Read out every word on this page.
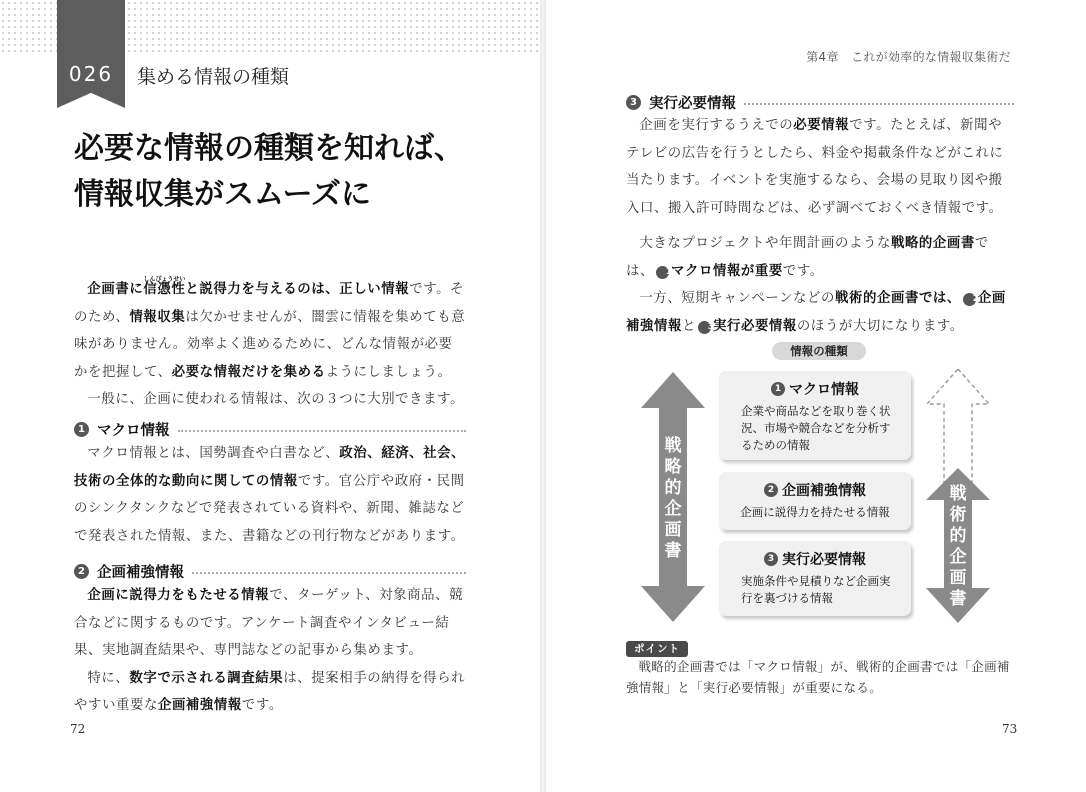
026	集める情報の種類
必要な情報の種類を知れば、
情報収集がスムーズに

企画書に信憑性しんぴょうせいと説得力を与えるのは、正しい情報です。そのため、情報収集は欠かせませんが、闇雲に情報を集めても意味がありません。効率よく進めるために、どんな情報が必要かを把握して、必要な情報だけを集めるようにしましょう。

一般に、企画に使われる情報は、次の３つに大別できます。

1 マクロ情報

マクロ情報とは、国勢調査や白書など、政治、経済、社会、技術の全体的な動向に関しての情報です。官公庁や政府・民間のシンクタンクなどで発表されている資料や、新聞、雑誌などで発表された情報、また、書籍などの刊行物などがあります。

2 企画補強情報

企画に説得力をもたせる情報で、ターゲット、対象商品、競合などに関するものです。アンケート調査やインタビュー結果、実地調査結果や、専門誌などの記事から集めます。

特に、数字で示される調査結果は、提案相手の納得を得られやすい重要な企画補強情報です。

72
第4章　これが効率的な情報収集術だ
3 実行必要情報

企画を実行するうえでの必要情報です。たとえば、新聞やテレビの広告を行うとしたら、料金や掲載条件などがこれに当たります。イベントを実施するなら、会場の見取り図や搬入口、搬入許可時間などは、必ず調べておくべき情報です。

大きなプロジェクトや年間計画のような戦略的企画書では、 1マクロ情報が重要です。

一方、短期キャンペーンなどの戦術的企画書では、 2企画補強情報と 3実行必要情報のほうが大切になります。

情報の種類
戦略的企画書
戦術的企画書
1 マクロ情報
企業や商品などを取り巻く状況、市場や競合などを分析するための情報
2 企画補強情報
企画に説得力を持たせる情報
3 実行必要情報
実施条件や見積りなど企画実行を裏づける情報
ポイント

戦略的企画書では「マクロ情報」が、戦術的企画書では「企画補強情報」と「実行必要情報」が重要になる。

73
